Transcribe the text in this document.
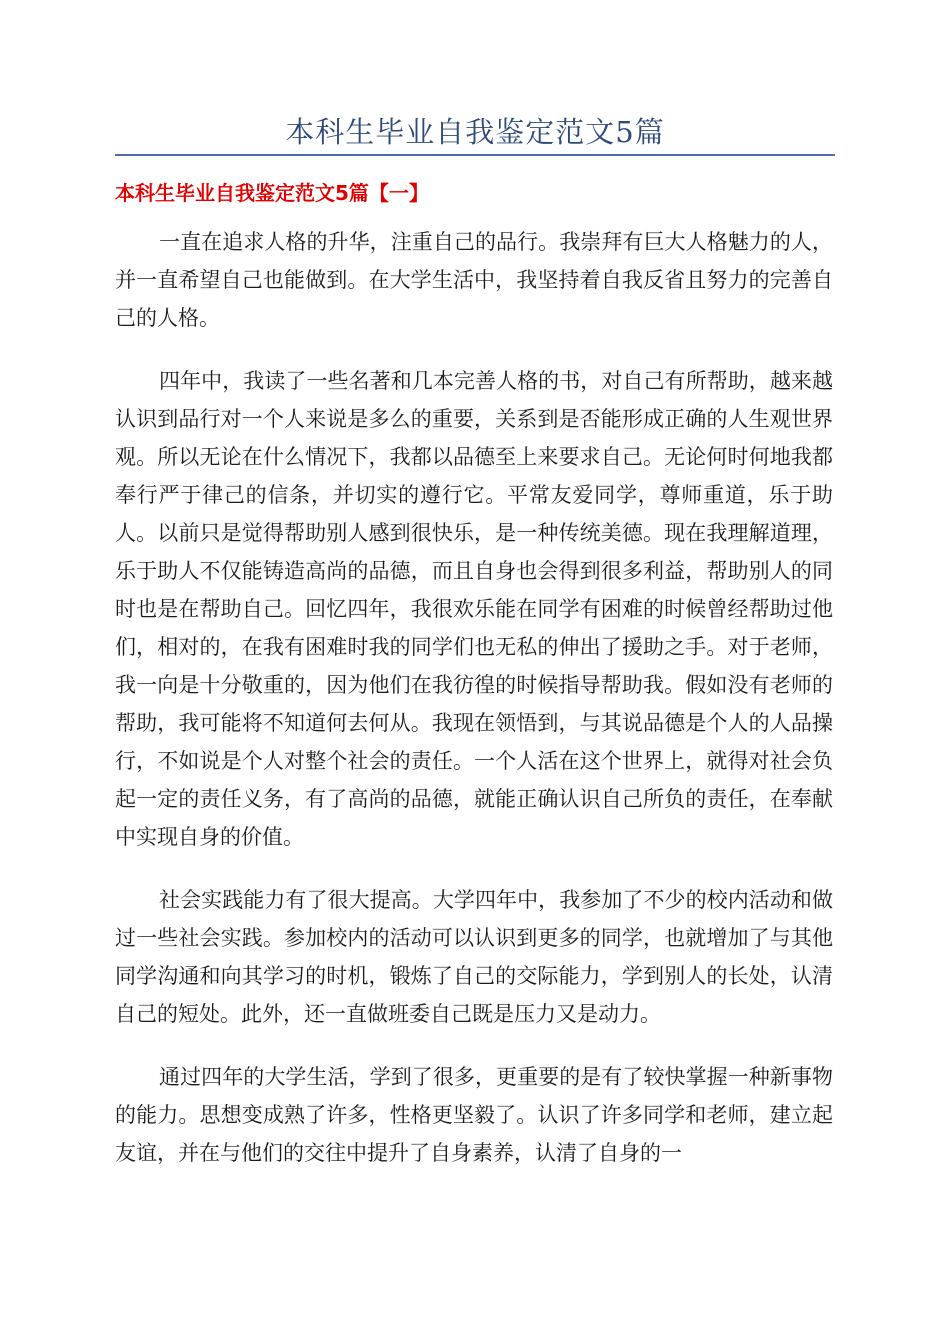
本科生毕业自我鉴定范文5篇
本科生毕业自我鉴定范文5篇【一】

一直在追求人格的升华，注重自己的品行。我崇拜有巨大人格魅力的人，并一直希望自己也能做到。在大学生活中，我坚持着自我反省且努力的完善自己的人格。

四年中，我读了一些名著和几本完善人格的书，对自己有所帮助，越来越认识到品行对一个人来说是多么的重要，关系到是否能形成正确的人生观世界观。所以无论在什么情况下，我都以品德至上来要求自己。无论何时何地我都奉行严于律己的信条，并切实的遵行它。平常友爱同学，尊师重道，乐于助人。以前只是觉得帮助别人感到很快乐，是一种传统美德。现在我理解道理，乐于助人不仅能铸造高尚的品德，而且自身也会得到很多利益，帮助别人的同时也是在帮助自己。回忆四年，我很欢乐能在同学有困难的时候曾经帮助过他们，相对的，在我有困难时我的同学们也无私的伸出了援助之手。对于老师，我一向是十分敬重的，因为他们在我彷徨的时候指导帮助我。假如没有老师的帮助，我可能将不知道何去何从。我现在领悟到，与其说品德是个人的人品操行，不如说是个人对整个社会的责任。一个人活在这个世界上，就得对社会负起一定的责任义务，有了高尚的品德，就能正确认识自己所负的责任，在奉献中实现自身的价值。

社会实践能力有了很大提高。大学四年中，我参加了不少的校内活动和做过一些社会实践。参加校内的活动可以认识到更多的同学，也就增加了与其他同学沟通和向其学习的时机，锻炼了自己的交际能力，学到别人的长处，认清自己的短处。此外，还一直做班委自己既是压力又是动力。

通过四年的大学生活，学到了很多，更重要的是有了较快掌握一种新事物的能力。思想变成熟了许多，性格更坚毅了。认识了许多同学和老师，建立起友谊，并在与他们的交往中提升了自身素养，认清了自身的一
